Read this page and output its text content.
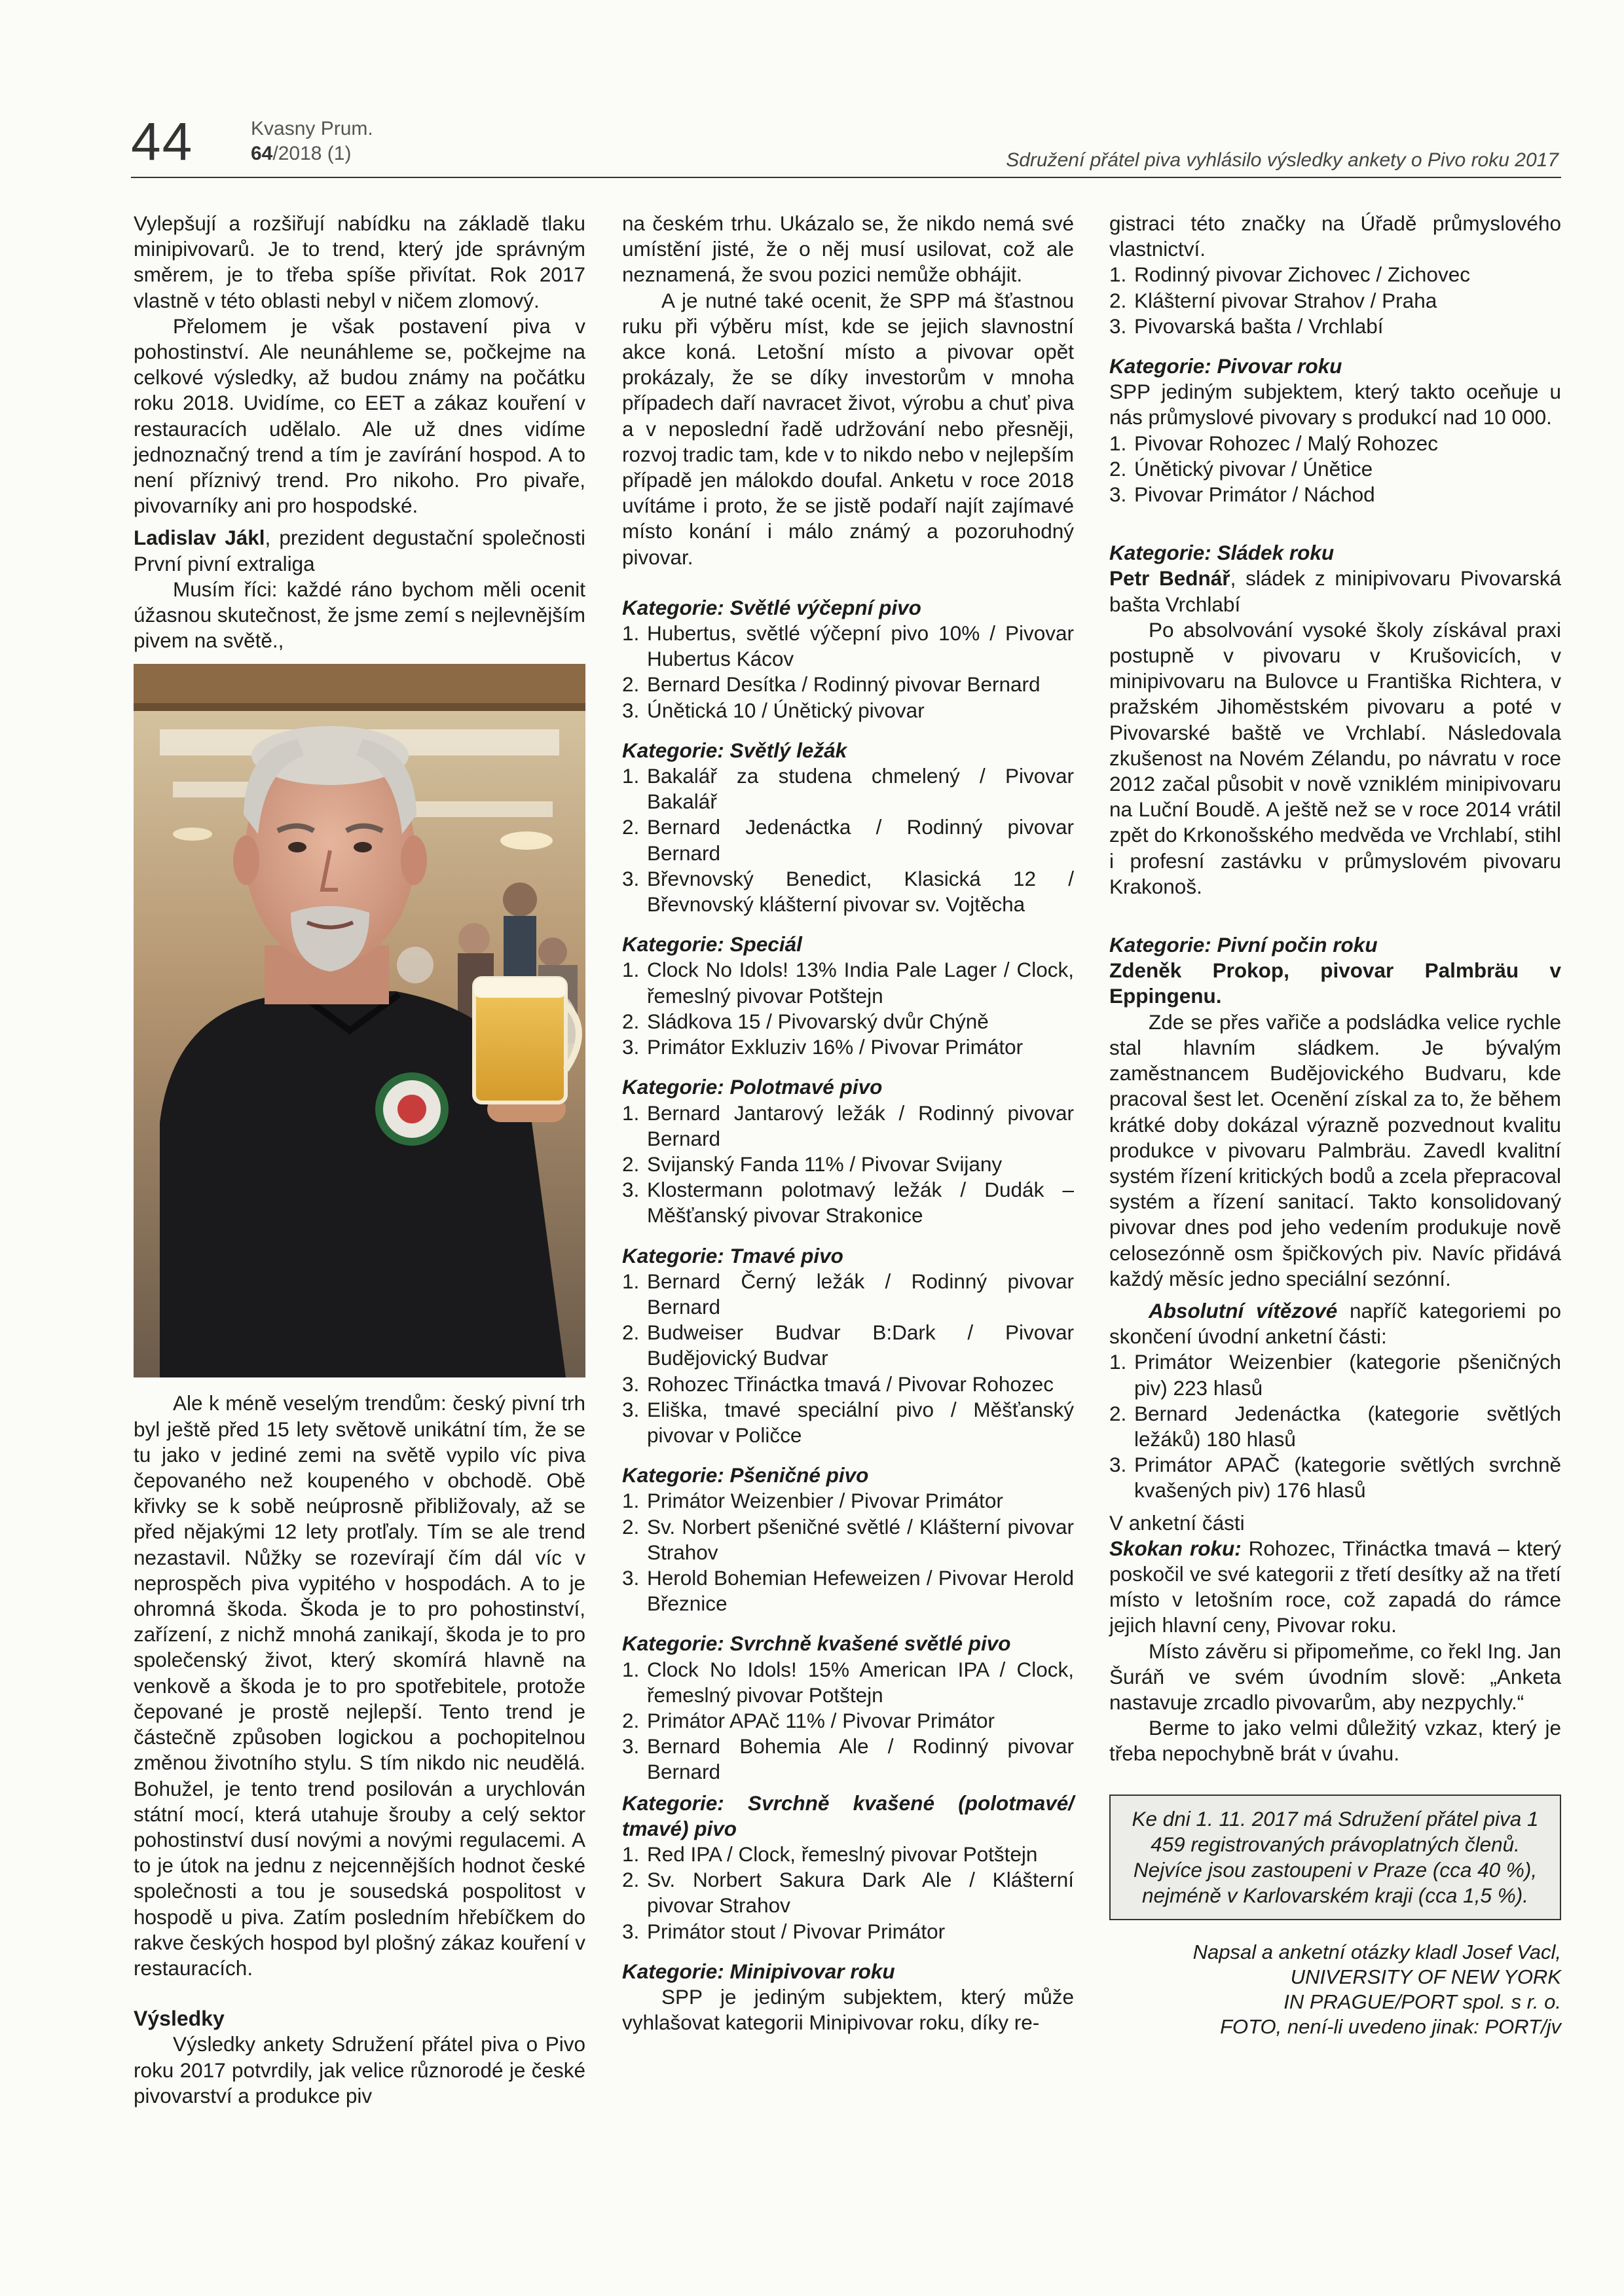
44	Kvasny Prum.
64/2018 (1)	Sdružení přátel piva vyhlásilo výsledky ankety o Pivo roku 2017

Vylepšují a rozšiřují nabídku na základě tlaku minipivovarů. Je to trend, který jde správným směrem, je to třeba spíše přivítat. Rok 2017 vlastně v této oblasti nebyl v ničem zlomový.

Přelomem je však postavení piva v pohostinství. Ale neunáhleme se, počkejme na celkové výsledky, až budou známy na počátku roku 2018. Uvidíme, co EET a zákaz kouření v restauracích udělalo. Ale už dnes vidíme jednoznačný trend a tím je zavírání hospod. A to není příznivý trend. Pro nikoho. Pro pivaře, pivovarníky ani pro hospodské.

Ladislav Jákl, prezident degustační společnosti První pivní extraliga

Musím říci: každé ráno bychom měli ocenit úžasnou skutečnost, že jsme zemí s nejlevnějším pivem na světě.,

Ale k méně veselým trendům: český pivní trh byl ještě před 15 lety světově unikátní tím, že se tu jako v jediné zemi na světě vypilo víc piva čepovaného než koupeného v obchodě. Obě křivky se k sobě neúprosně přibližovaly, až se před nějakými 12 lety protľaly. Tím se ale trend nezastavil. Nůžky se rozevírají čím dál víc v neprospěch piva vypitého v hospodách. A to je ohromná škoda. Škoda je to pro pohostinství, zařízení, z nichž mnohá zanikají, škoda je to pro společenský život, který skomírá hlavně na venkově a škoda je to pro spotřebitele, protože čepované je prostě nejlepší. Tento trend je částečně způsoben logickou a pochopitelnou změnou životního stylu. S tím nikdo nic neudělá. Bohužel, je tento trend posilován a urychlován státní mocí, která utahuje šrouby a celý sektor pohostinství dusí novými a novými regulacemi. A to je útok na jednu z nejcennějších hodnot české společnosti a tou je sousedská pospolitost v hospodě u piva. Zatím posledním hřebíčkem do rakve českých hospod byl plošný zákaz kouření v restauracích.

Výsledky

Výsledky ankety Sdružení přátel piva o Pivo roku 2017 potvrdily, jak velice různorodé je české pivovarství a produkce piv

na českém trhu. Ukázalo se, že nikdo nemá své umístění jisté, že o něj musí usilovat, což ale neznamená, že svou pozici nemůže obhájit.

A je nutné také ocenit, že SPP má šťastnou ruku při výběru míst, kde se jejich slavnostní akce koná. Letošní místo a pivovar opět prokázaly, že se díky investorům v mnoha případech daří navracet život, výrobu a chuť piva a v neposlední řadě udržování nebo přesněji, rozvoj tradic tam, kde v to nikdo nebo v nejlepším případě jen málokdo doufal. Anketu v roce 2018 uvítáme i proto, že se jistě podaří najít zajímavé místo konání i málo známý a pozoruhodný pivovar.

Kategorie: Světlé výčepní pivo

1. Hubertus, světlé výčepní pivo 10% / Pivovar Hubertus Kácov
2. Bernard Desítka / Rodinný pivovar Bernard
3. Únětická 10 / Únětický pivovar

Kategorie: Světlý ležák

1. Bakalář za studena chmelený / Pivovar Bakalář
2. Bernard Jedenáctka / Rodinný pivovar Bernard
3. Břevnovský Benedict, Klasická 12 / Břevnovský klášterní pivovar sv. Vojtěcha

Kategorie: Speciál

1. Clock No Idols! 13% India Pale Lager / Clock, řemeslný pivovar Potštejn
2. Sládkova 15 / Pivovarský dvůr Chýně
3. Primátor Exkluziv 16% / Pivovar Primátor

Kategorie: Polotmavé pivo

1. Bernard Jantarový ležák / Rodinný pivovar Bernard
2. Svijanský Fanda 11% / Pivovar Svijany
3. Klostermann polotmavý ležák / Dudák – Měšťanský pivovar Strakonice

Kategorie: Tmavé pivo

1. Bernard Černý ležák / Rodinný pivovar Bernard
2. Budweiser Budvar B:Dark / Pivovar Budějovický Budvar
3. Rohozec Třináctka tmavá / Pivovar Rohozec
3. Eliška, tmavé speciální pivo / Měšťanský pivovar v Poličce

Kategorie: Pšeničné pivo

1. Primátor Weizenbier / Pivovar Primátor
2. Sv. Norbert pšeničné světlé / Klášterní pivovar Strahov
3. Herold Bohemian Hefeweizen / Pivovar Herold Březnice

Kategorie: Svrchně kvašené světlé pivo

1. Clock No Idols! 15% American IPA / Clock, řemeslný pivovar Potštejn
2. Primátor APAč 11% / Pivovar Primátor
3. Bernard Bohemia Ale / Rodinný pivovar Bernard

Kategorie: Svrchně kvašené (polotmavé/ tmavé) pivo

1. Red IPA / Clock, řemeslný pivovar Potštejn
2. Sv. Norbert Sakura Dark Ale / Klášterní pivovar Strahov
3. Primátor stout / Pivovar Primátor

Kategorie: Minipivovar roku

SPP je jediným subjektem, který může vyhlašovat kategorii Minipivovar roku, díky re-

gistraci této značky na Úřadě průmyslového vlastnictví.

1. Rodinný pivovar Zichovec / Zichovec
2. Klášterní pivovar Strahov / Praha
3. Pivovarská bašta / Vrchlabí

Kategorie: Pivovar roku

SPP jediným subjektem, který takto oceňuje u nás průmyslové pivovary s produkcí nad 10 000.

1. Pivovar Rohozec / Malý Rohozec
2. Únětický pivovar / Únětice
3. Pivovar Primátor / Náchod

Kategorie: Sládek roku

Petr Bednář, sládek z minipivovaru Pivovarská bašta Vrchlabí

Po absolvování vysoké školy získával praxi postupně v pivovaru v Krušovicích, v minipivovaru na Bulovce u Františka Richtera, v pražském Jihoměstském pivovaru a poté v Pivovarské baště ve Vrchlabí. Následovala zkušenost na Novém Zélandu, po návratu v roce 2012 začal působit v nově vzniklém minipivovaru na Luční Boudě. A ještě než se v roce 2014 vrátil zpět do Krkonošského medvěda ve Vrchlabí, stihl i profesní zastávku v průmyslovém pivovaru Krakonoš.

Kategorie: Pivní počin roku

Zdeněk Prokop, pivovar Palmbräu v Eppingenu.

Zde se přes vařiče a podsládka velice rychle stal hlavním sládkem. Je bývalým zaměstnancem Budějovického Budvaru, kde pracoval šest let. Ocenění získal za to, že během krátké doby dokázal výrazně pozvednout kvalitu produkce v pivovaru Palmbräu. Zavedl kvalitní systém řízení kritických bodů a zcela přepracoval systém a řízení sanitací. Takto konsolidovaný pivovar dnes pod jeho vedením produkuje nově celosezónně osm špičkových piv. Navíc přidává každý měsíc jedno speciální sezónní.

Absolutní vítězové napříč kategoriemi po skončení úvodní anketní části:

1. Primátor Weizenbier (kategorie pšeničných piv) 223 hlasů
2. Bernard Jedenáctka (kategorie světlých ležáků) 180 hlasů
3. Primátor APAČ (kategorie světlých svrchně kvašených piv) 176 hlasů

V anketní části

Skokan roku: Rohozec, Třináctka tmavá – který poskočil ve své kategorii z třetí desítky až na třetí místo v letošním roce, což zapadá do rámce jejich hlavní ceny, Pivovar roku.

Místo závěru si připomeňme, co řekl Ing. Jan Šuráň ve svém úvodním slově: „Anketa nastavuje zrcadlo pivovarům, aby nezpychly.“

Berme to jako velmi důležitý vzkaz, který je třeba nepochybně brát v úvahu.

Ke dni 1. 11. 2017 má Sdružení přátel piva 1 459 registrovaných právoplatných členů. Nejvíce jsou zastoupeni v Praze (cca 40 %), nejméně v Karlovarském kraji (cca 1,5 %).

Napsal a anketní otázky kladl Josef Vacl,
UNIVERSITY OF NEW YORK
IN PRAGUE/PORT spol. s r. o.
FOTO, není-li uvedeno jinak: PORT/jv
